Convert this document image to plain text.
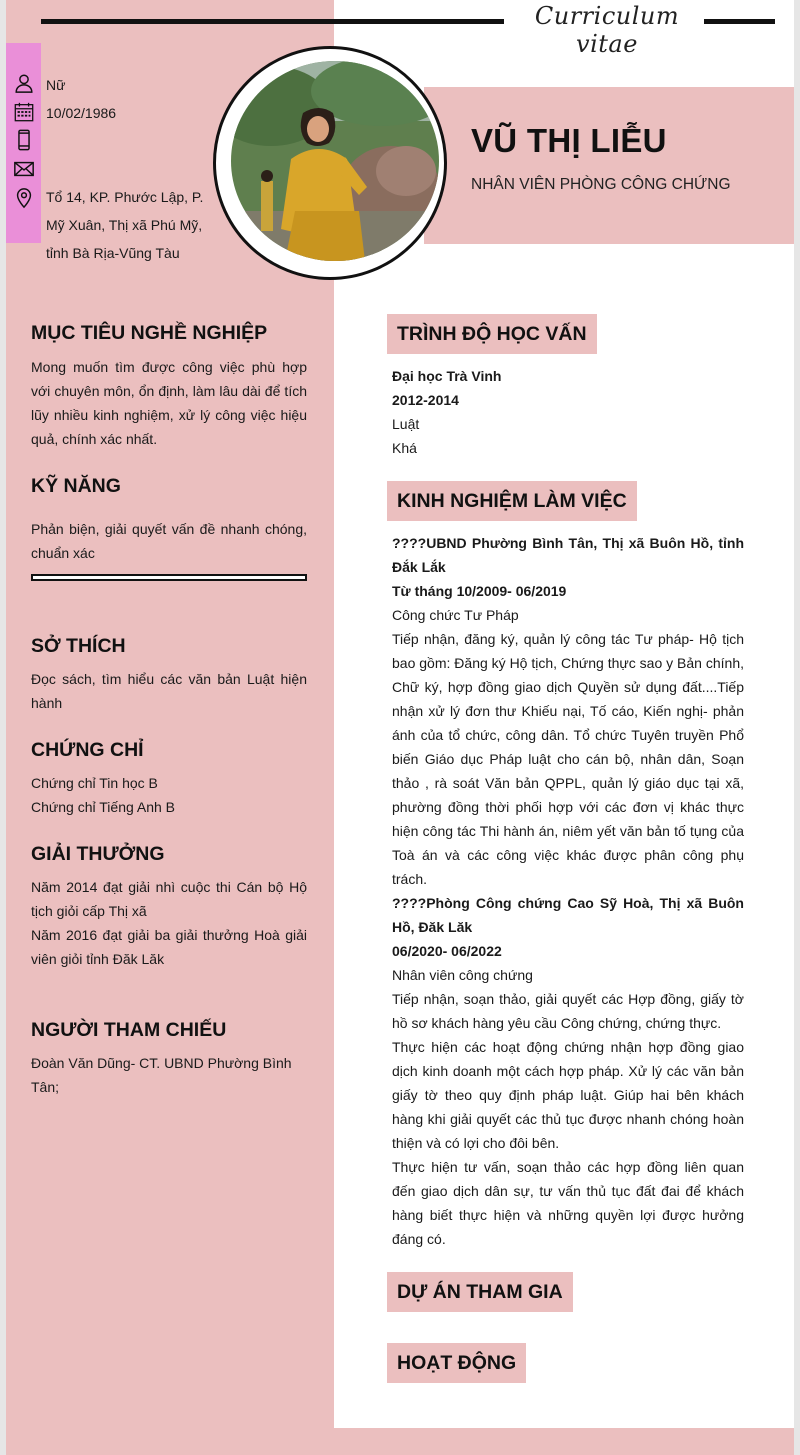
Curriculum vitae
Nữ
10/02/1986
Tổ 14, KP. Phước Lập, P.
Mỹ Xuân, Thị xã Phú Mỹ,
tỉnh Bà Rịa-Vũng Tàu
VŨ THỊ LIỄU
NHÂN VIÊN PHÒNG CÔNG CHỨNG
MỤC TIÊU NGHỀ NGHIỆP
Mong muốn tìm được công việc phù hợp với chuyên môn, ổn định, làm lâu dài để tích lũy nhiều kinh nghiệm, xử lý công việc hiệu quả, chính xác nhất.
KỸ NĂNG
Phản biện, giải quyết vấn đề nhanh chóng, chuẩn xác
SỞ THÍCH
Đọc sách, tìm hiểu các văn bản Luật hiện hành
CHỨNG CHỈ
Chứng chỉ Tin học B
Chứng chỉ Tiếng Anh B
GIẢI THƯỞNG
Năm 2014 đạt giải nhì cuộc thi Cán bộ Hộ tịch giỏi cấp Thị xã
Năm 2016 đạt giải ba giải thưởng Hoà giải viên giỏi tỉnh Đăk Lăk
NGƯỜI THAM CHIẾU
Đoàn Văn Dũng- CT. UBND Phường Bình Tân;
TRÌNH ĐỘ HỌC VẤN
Đại học Trà Vinh
2012-2014
Luật
Khá
KINH NGHIỆM LÀM VIỆC
????UBND Phường Bình Tân, Thị xã Buôn Hồ, tỉnh Đắk Lắk
Từ tháng 10/2009- 06/2019
Công chức Tư Pháp
Tiếp nhận, đăng ký, quản lý công tác Tư pháp- Hộ tịch bao gồm: Đăng ký Hộ tịch, Chứng thực sao y Bản chính, Chữ ký, hợp đồng giao dịch Quyền sử dụng đất....Tiếp nhận xử lý đơn thư Khiếu nại, Tố cáo, Kiến nghị- phản ánh của tổ chức, công dân. Tổ chức Tuyên truyền Phổ biến Giáo dục Pháp luật cho cán bộ, nhân dân, Soạn thảo , rà soát Văn bản QPPL, quản lý giáo dục tại xã, phường đồng thời phối hợp với các đơn vị khác thực hiện công tác Thi hành án, niêm yết văn bản tố tụng của Toà án và các công việc khác được phân công phụ trách.
????Phòng Công chứng Cao Sỹ Hoà, Thị xã Buôn Hồ, Đăk Lăk
06/2020- 06/2022
Nhân viên công chứng
Tiếp nhận, soạn thảo, giải quyết các Hợp đồng, giấy tờ hồ sơ khách hàng yêu cầu Công chứng, chứng thực.
Thực hiện các hoạt động chứng nhận hợp đồng giao dịch kinh doanh một cách hợp pháp. Xử lý các văn bản giấy tờ theo quy định pháp luật. Giúp hai bên khách hàng khi giải quyết các thủ tục được nhanh chóng hoàn thiện và có lợi cho đôi bên.
Thực hiện tư vấn, soạn thảo các hợp đồng liên quan đến giao dịch dân sự, tư vấn thủ tục đất đai để khách hàng biết thực hiện và những quyền lợi được hưởng đáng có.
DỰ ÁN THAM GIA
HOẠT ĐỘNG
